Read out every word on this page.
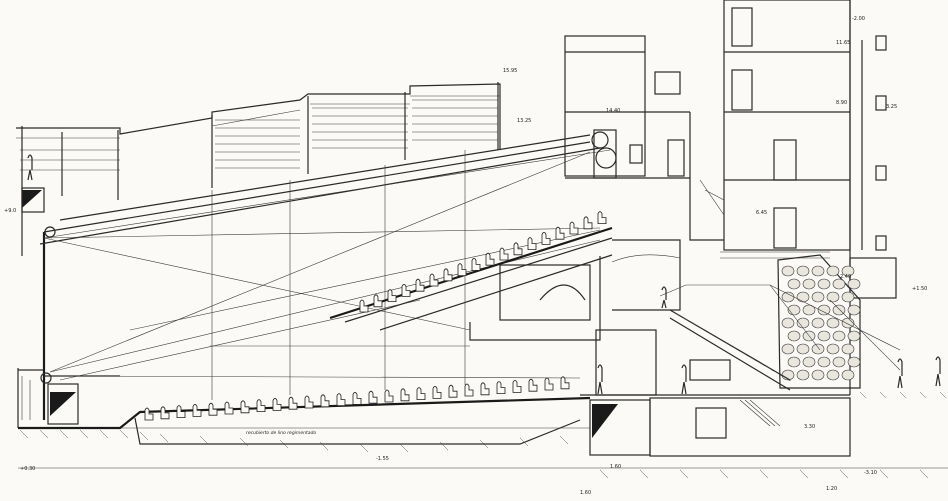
15.95
13.25
14.40
11.65
8.90
6.45
3.25
2.40
1.60
+0.30
-1.55
3.30
1.20
1.60
-3.10
+9.0
+1.50
-2.00
recubierto de lino regimentado
